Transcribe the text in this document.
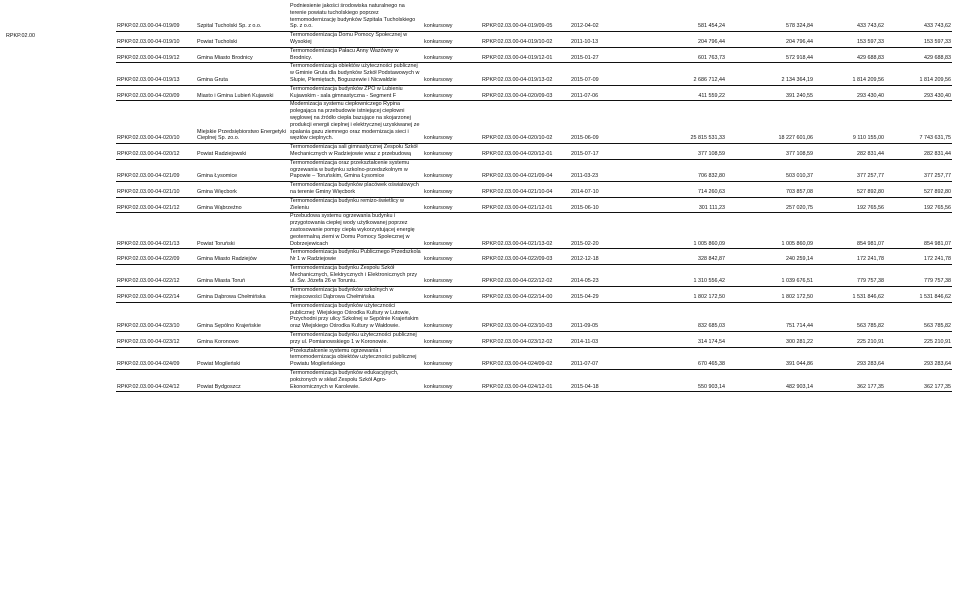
RPKP.02.00
RPKP.02.03.00-04-019/09	Szpital Tucholski Sp. z o.o.	Podniesienie jakości środowiska naturalnego na terenie powiatu tucholskiego poprzez termomodernizację budynków Szpitala Tucholskiego Sp. z o.o.	konkursowy	RPKP.02.03.00-04-019/09-05	2012-04-02	581 454,24	578 324,84	433 743,62	433 743,62
RPKP.02.03.00-04-019/10	Powiat Tucholski	Termomodernizacja Domu Pomocy Społecznej w Wysokiej	konkursowy	RPKP.02.03.00-04-019/10-02	2011-10-13	204 796,44	204 796,44	153 597,33	153 597,33
RPKP.02.03.00-04-019/12	Gmina Miasto Brodnicy	Termomodernizacja Pałacu Anny Wazówny w Brodnicy.	konkursowy	RPKP.02.03.00-04-019/12-01	2015-01-27	601 763,73	572 918,44	429 688,83	429 688,83
RPKP.02.03.00-04-019/13	Gmina Gruta	Termomodernizacja obiektów użyteczności publicznej w Gminie Gruta dla budynków Szkół Podstawowych w Słupie, Plemiętach, Boguszewie i Nicwałdzie	konkursowy	RPKP.02.03.00-04-019/13-02	2015-07-09	2 686 712,44	2 134 364,19	1 814 209,56	1 814 209,56
RPKP.02.03.00-04-020/09	Miasto i Gmina Lubień Kujawski	Termomodernizacja budynków ZPO w Lubieniu Kujawskim - sala gimnastyczna - Segment F	konkursowy	RPKP.02.03.00-04-020/09-03	2011-07-06	411 559,22	391 240,55	293 430,40	293 430,40
RPKP.02.03.00-04-020/10	Miejskie Przedsiębiorstwo Energetyki Cieplnej Sp. zo.o.	Modernizacja systemu ciepłowniczego Rypina polegająca na przebudowie istniejącej ciepłowni węglowej na źródło ciepła bazujące na skojarzonej produkcji energii cieplnej i elektrycznej uzyskiwanej ze spalania gazu ziemnego oraz modernizacja sieci i węzłów cieplnych.	konkursowy	RPKP.02.03.00-04-020/10-02	2015-06-09	25 815 531,33	18 227 601,06	9 110 155,00	7 743 631,75
RPKP.02.03.00-04-020/12	Powiat Radziejowski	Termomodernizacja sali gimnastycznej Zespołu Szkół Mechanicznych w Radziejowie wraz z przebudową	konkursowy	RPKP.02.03.00-04-020/12-01	2015-07-17	377 108,59	377 108,59	282 831,44	282 831,44
RPKP.02.03.00-04-021/09	Gmina Łysomice	Termomodernizacja oraz przekształcenie systemu ogrzewania w budynku szkolno-przedszkolnym w Papowie – Toruńskim, Gmina Łysomice	konkursowy	RPKP.02.03.00-04-021/09-04	2011-03-23	706 832,80	503 010,37	377 257,77	377 257,77
RPKP.02.03.00-04-021/10	Gmina Więcbork	Termomodernizacja budynków placówek oświatowych na terenie Gminy Więcbork	konkursowy	RPKP.02.03.00-04-021/10-04	2014-07-10	714 260,63	703 857,08	527 892,80	527 892,80
RPKP.02.03.00-04-021/12	Gmina Wąbrzeźno	Termomodernizacja budynku remizo-świetlicy w Zieleniu	konkursowy	RPKP.02.03.00-04-021/12-01	2015-06-10	301 111,23	257 020,75	192 765,56	192 765,56
RPKP.02.03.00-04-021/13	Powiat Toruński	Przebudowa systemu ogrzewania budynku i przygotowania ciepłej wody użytkowanej poprzez zastosowanie pompy ciepła wykorzystującej energię geotermalną ziemi w Domu Pomocy Społecznej w Dobrzejewicach	konkursowy	RPKP.02.03.00-04-021/13-02	2015-02-20	1 005 860,09	1 005 860,09	854 981,07	854 981,07
RPKP.02.03.00-04-022/09	Gmina Miasto Radziejów	Termomodernizacja budynku Publicznego Przedszkola Nr 1 w Radziejowie	konkursowy	RPKP.02.03.00-04-022/09-03	2012-12-18	328 842,87	240 259,14	172 241,78	172 241,78
RPKP.02.03.00-04-022/12	Gmina Miasta Toruń	Termomodernizacja budynku Zespołu Szkół Mechanicznych, Elektrycznych i Elektronicznych przy ul. Św. Józefa 26 w Toruniu.	konkursowy	RPKP.02.03.00-04-022/12-02	2014-05-23	1 310 556,42	1 039 676,51	779 757,38	779 757,38
RPKP.02.03.00-04-022/14	Gmina Dąbrowa Chełmińska	Termomodernizacja budynków szkolnych w miejscowości Dąbrowa Chełmińska	konkursowy	RPKP.02.03.00-04-022/14-00	2015-04-29	1 802 172,50	1 802 172,50	1 531 846,62	1 531 846,62
RPKP.02.03.00-04-023/10	Gmina Sępólno Krajeńskie	Termomodernizacja budynków użyteczności publicznej: Wiejskiego Ośrodka Kultury w Lutowie, Przychodni przy ulicy Szkolnej w Sępólnie Krajeńskim oraz Wiejskiego Ośrodka Kultury w Wałdowie.	konkursowy	RPKP.02.03.00-04-023/10-03	2011-09-05	832 685,03	751 714,44	563 785,82	563 785,82
RPKP.02.03.00-04-023/12	Gmina Koronowo	Termomodernizacja budynku użyteczności publicznej przy ul. Pomianowskiego 1 w Koronowie.	konkursowy	RPKP.02.03.00-04-023/12-02	2014-11-03	314 174,54	300 281,22	225 210,91	225 210,91
RPKP.02.03.00-04-024/09	Powiat Mogileński	Przekształcenie systemu ogrzewania i termomodernizacja obiektów użyteczności publicznej Powiatu Mogileńskiego	konkursowy	RPKP.02.03.00-04-024/09-02	2011-07-07	670 465,38	391 044,86	293 283,64	293 283,64
RPKP.02.03.00-04-024/12	Powiat Bydgoszcz	Termomodernizacja budynków edukacyjnych, położonych w skład Zespołu Szkół Agro-Ekonomicznych w Karolewie.	konkursowy	RPKP.02.03.00-04-024/12-01	2015-04-18	550 903,14	482 903,14	362 177,35	362 177,35
